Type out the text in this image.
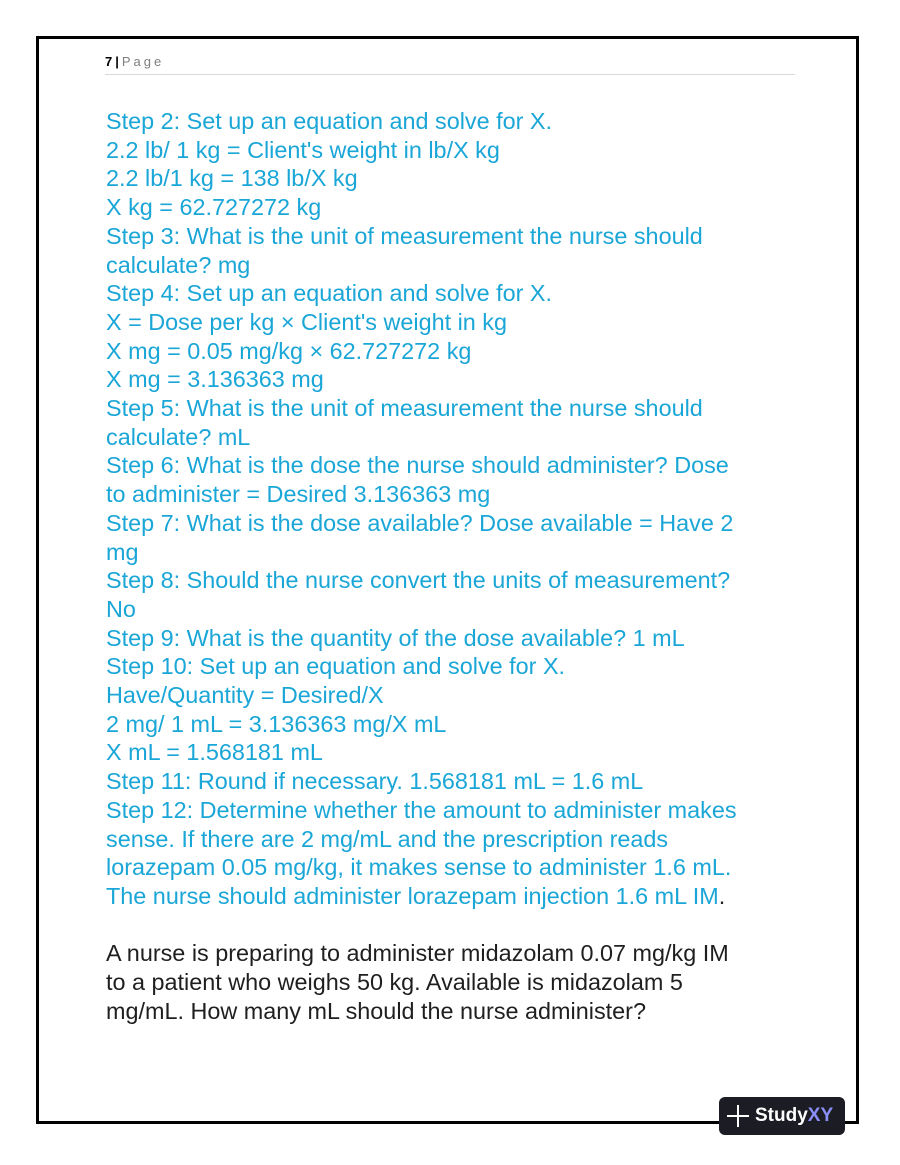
7 | Page
Step 2: Set up an equation and solve for X.
2.2 lb/ 1 kg = Client's weight in lb/X kg
2.2 lb/1 kg = 138 lb/X kg
X kg = 62.727272 kg
Step 3: What is the unit of measurement the nurse should
calculate? mg
Step 4: Set up an equation and solve for X.
X = Dose per kg × Client's weight in kg
X mg = 0.05 mg/kg × 62.727272 kg
X mg = 3.136363 mg
Step 5: What is the unit of measurement the nurse should
calculate? mL
Step 6: What is the dose the nurse should administer? Dose
to administer = Desired 3.136363 mg
Step 7: What is the dose available? Dose available = Have 2
mg
Step 8: Should the nurse convert the units of measurement?
No
Step 9: What is the quantity of the dose available? 1 mL
Step 10: Set up an equation and solve for X.
Have/Quantity = Desired/X
2 mg/ 1 mL = 3.136363 mg/X mL
X mL = 1.568181 mL
Step 11: Round if necessary. 1.568181 mL = 1.6 mL
Step 12: Determine whether the amount to administer makes
sense. If there are 2 mg/mL and the prescription reads
lorazepam 0.05 mg/kg, it makes sense to administer 1.6 mL.
The nurse should administer lorazepam injection 1.6 mL IM .
A nurse is preparing to administer midazolam 0.07 mg/kg IM
to a patient who weighs 50 kg. Available is midazolam 5
mg/mL. How many mL should the nurse administer?
StudyXY
